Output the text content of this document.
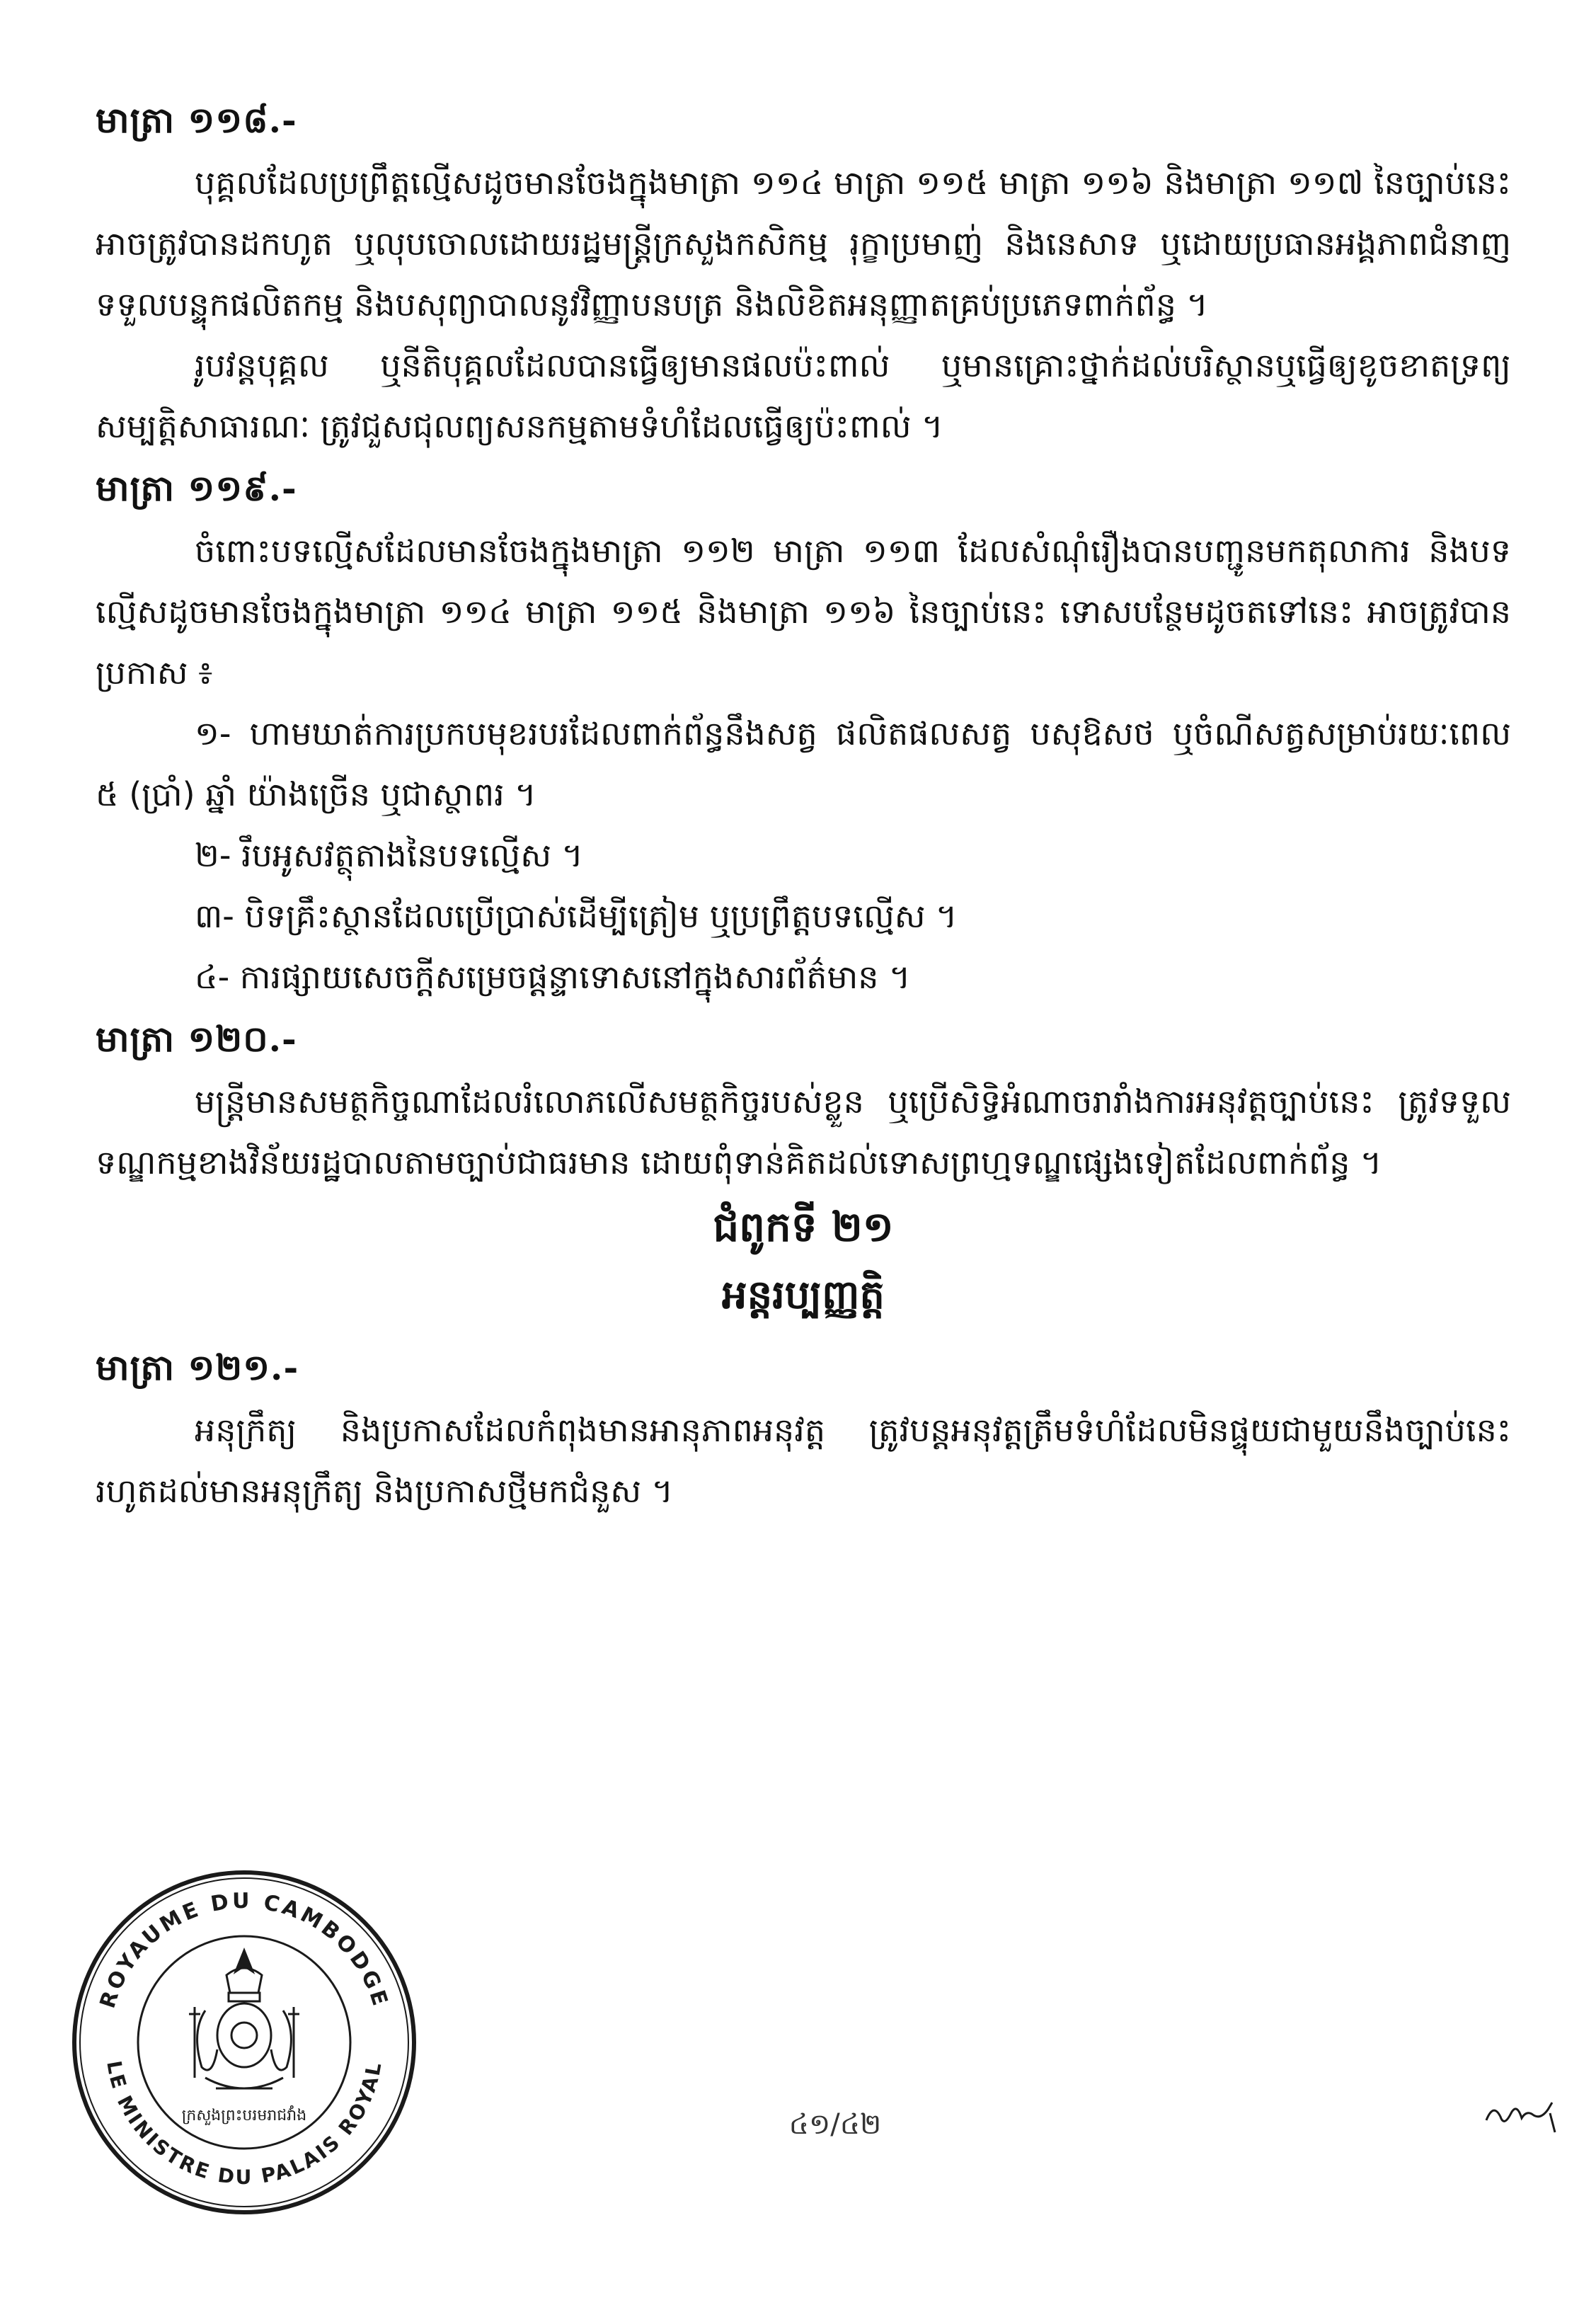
មាត្រា ១១៨.-

បុគ្គលដែលប្រព្រឹត្តល្មើសដូចមានចែងក្នុងមាត្រា ១១៤ មាត្រា ១១៥ មាត្រា ១១៦ និងមាត្រា ១១៧ នៃច្បាប់នេះ អាចត្រូវបានដកហូត ឬលុបចោលដោយរដ្ឋមន្ត្រីក្រសួងកសិកម្ម រុក្ខាប្រមាញ់ និងនេសាទ ឬដោយប្រធានអង្គភាពជំនាញទទួលបន្ទុកផលិតកម្ម និងបសុព្យាបាលនូវវិញ្ញាបនបត្រ និងលិខិតអនុញ្ញាតគ្រប់ប្រភេទពាក់ព័ន្ធ ។

រូបវន្តបុគ្គល ឬនីតិបុគ្គលដែលបានធ្វើឲ្យមានផលប៉ះពាល់ ឬមានគ្រោះថ្នាក់ដល់បរិស្ថានឬធ្វើឲ្យខូចខាតទ្រព្យសម្បត្តិសាធារណៈ ត្រូវជួសជុលព្យសនកម្មតាមទំហំដែលធ្វើឲ្យប៉ះពាល់ ។

មាត្រា ១១៩.-

ចំពោះបទល្មើសដែលមានចែងក្នុងមាត្រា ១១២ មាត្រា ១១៣ ដែលសំណុំរឿងបានបញ្ជូនមកតុលាការ និងបទល្មើសដូចមានចែងក្នុងមាត្រា ១១៤ មាត្រា ១១៥ និងមាត្រា ១១៦ នៃច្បាប់នេះ ទោសបន្ថែមដូចតទៅនេះ អាចត្រូវបានប្រកាស ៖

១- ហាមឃាត់ការប្រកបមុខរបរដែលពាក់ព័ន្ធនឹងសត្វ ផលិតផលសត្វ បសុឱសថ ឬចំណីសត្វសម្រាប់រយៈពេល ៥ (ប្រាំ) ឆ្នាំ យ៉ាងច្រើន ឬជាស្ថាពរ ។

២- រឹបអូសវត្ថុតាងនៃបទល្មើស ។

៣- បិទគ្រឹះស្ថានដែលប្រើប្រាស់ដើម្បីត្រៀម ឬប្រព្រឹត្តបទល្មើស ។

៤- ការផ្សាយសេចក្តីសម្រេចផ្តន្ទាទោសនៅក្នុងសារព័ត៌មាន ។

មាត្រា ១២០.-

មន្ត្រីមានសមត្ថកិច្ចណាដែលរំលោភលើសមត្ថកិច្ចរបស់ខ្លួន ឬប្រើសិទ្ធិអំណាចរារាំងការអនុវត្តច្បាប់នេះ ត្រូវទទួលទណ្ឌកម្មខាងវិន័យរដ្ឋបាលតាមច្បាប់ជាធរមាន ដោយពុំទាន់គិតដល់ទោសព្រហ្មទណ្ឌផ្សេងទៀតដែលពាក់ព័ន្ធ ។

ជំពូកទី ២១

អន្តរប្បញ្ញត្តិ

មាត្រា ១២១.-

អនុក្រឹត្យ និងប្រកាសដែលកំពុងមានអានុភាពអនុវត្ត ត្រូវបន្តអនុវត្តត្រឹមទំហំដែលមិនផ្ទុយជាមួយនឹងច្បាប់នេះ រហូតដល់មានអនុក្រឹត្យ និងប្រកាសថ្មីមកជំនួស ។

ROYAUME DU CAMBODGE
LE MINISTRE DU PALAIS ROYAL
ក្រសួងព្រះបរមរាជវាំង	៤១/៤២
